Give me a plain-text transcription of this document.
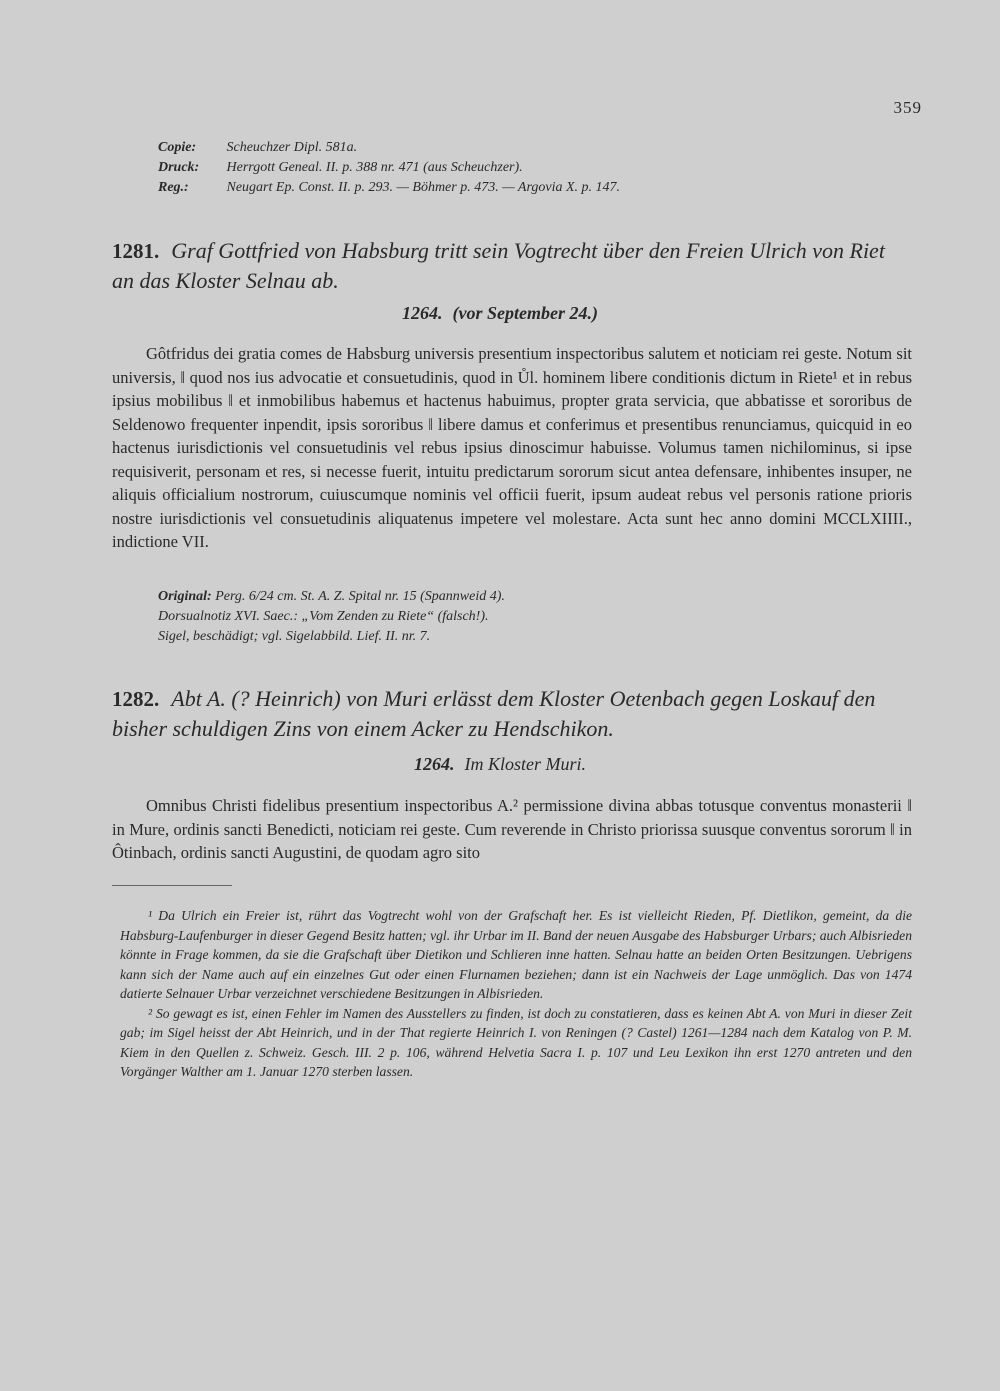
359
Copie: Scheuchzer Dipl. 581a.
Druck: Herrgott Geneal. II. p. 388 nr. 471 (aus Scheuchzer).
Reg.:	Neugart Ep. Const. II. p. 293. — Böhmer p. 473. — Argovia X. p. 147.
1281. Graf Gottfried von Habsburg tritt sein Vogtrecht über den Freien Ulrich von Riet an das Kloster Selnau ab.
1264. (vor September 24.)

Gôtfridus dei gratia comes de Habsburg universis presentium inspectoribus salutem et noticiam rei geste. Notum sit universis, ‖ quod nos ius advocatie et consuetudinis, quod in Ůl. hominem libere conditionis dictum in Riete¹ et in rebus ipsius mobilibus ‖ et inmobilibus habemus et hactenus habuimus, propter grata servicia, que abbatisse et sororibus de Seldenowo frequenter inpendit, ipsis sororibus ‖ libere damus et conferimus et presentibus renunciamus, quicquid in eo hactenus iurisdictionis vel consuetudinis vel rebus ipsius dinoscimur habuisse. Volumus tamen nichilominus, si ipse requisiverit, personam et res, si necesse fuerit, intuitu predictarum sororum sicut antea defensare, inhibentes insuper, ne aliquis officialium nostrorum, cuiuscumque nominis vel officii fuerit, ipsum audeat rebus vel personis ratione prioris nostre iurisdictionis vel consuetudinis aliquatenus impetere vel molestare. Acta sunt hec anno domini MCCLXIIII., indictione VII.

Original: Perg. 6/24 cm. St. A. Z. Spital nr. 15 (Spannweid 4).
Dorsualnotiz XVI. Saec.: „Vom Zenden zu Riete“ (falsch!).
Sigel, beschädigt; vgl. Sigelabbild. Lief. II. nr. 7.
1282. Abt A. (? Heinrich) von Muri erlässt dem Kloster Oetenbach gegen Loskauf den bisher schuldigen Zins von einem Acker zu Hendschikon.
1264. Im Kloster Muri.

Omnibus Christi fidelibus presentium inspectoribus A.² permissione divina abbas totusque conventus monasterii ‖ in Mure, ordinis sancti Benedicti, noticiam rei geste. Cum reverende in Christo priorissa suusque conventus sororum ‖ in Ôtinbach, ordinis sancti Augustini, de quodam agro sito

¹ Da Ulrich ein Freier ist, rührt das Vogtrecht wohl von der Grafschaft her. Es ist vielleicht Rieden, Pf. Dietlikon, gemeint, da die Habsburg-Laufenburger in dieser Gegend Besitz hatten; vgl. ihr Urbar im II. Band der neuen Ausgabe des Habsburger Urbars; auch Albisrieden könnte in Frage kommen, da sie die Grafschaft über Dietikon und Schlieren inne hatten. Selnau hatte an beiden Orten Besitzungen. Uebrigens kann sich der Name auch auf ein einzelnes Gut oder einen Flurnamen beziehen; dann ist ein Nachweis der Lage unmöglich. Das von 1474 datierte Selnauer Urbar verzeichnet verschiedene Besitzungen in Albisrieden.

² So gewagt es ist, einen Fehler im Namen des Ausstellers zu finden, ist doch zu constatieren, dass es keinen Abt A. von Muri in dieser Zeit gab; im Sigel heisst der Abt Heinrich, und in der That regierte Heinrich I. von Reningen (? Castel) 1261—1284 nach dem Katalog von P. M. Kiem in den Quellen z. Schweiz. Gesch. III. 2 p. 106, während Helvetia Sacra I. p. 107 und Leu Lexikon ihn erst 1270 antreten und den Vorgänger Walther am 1. Januar 1270 sterben lassen.
